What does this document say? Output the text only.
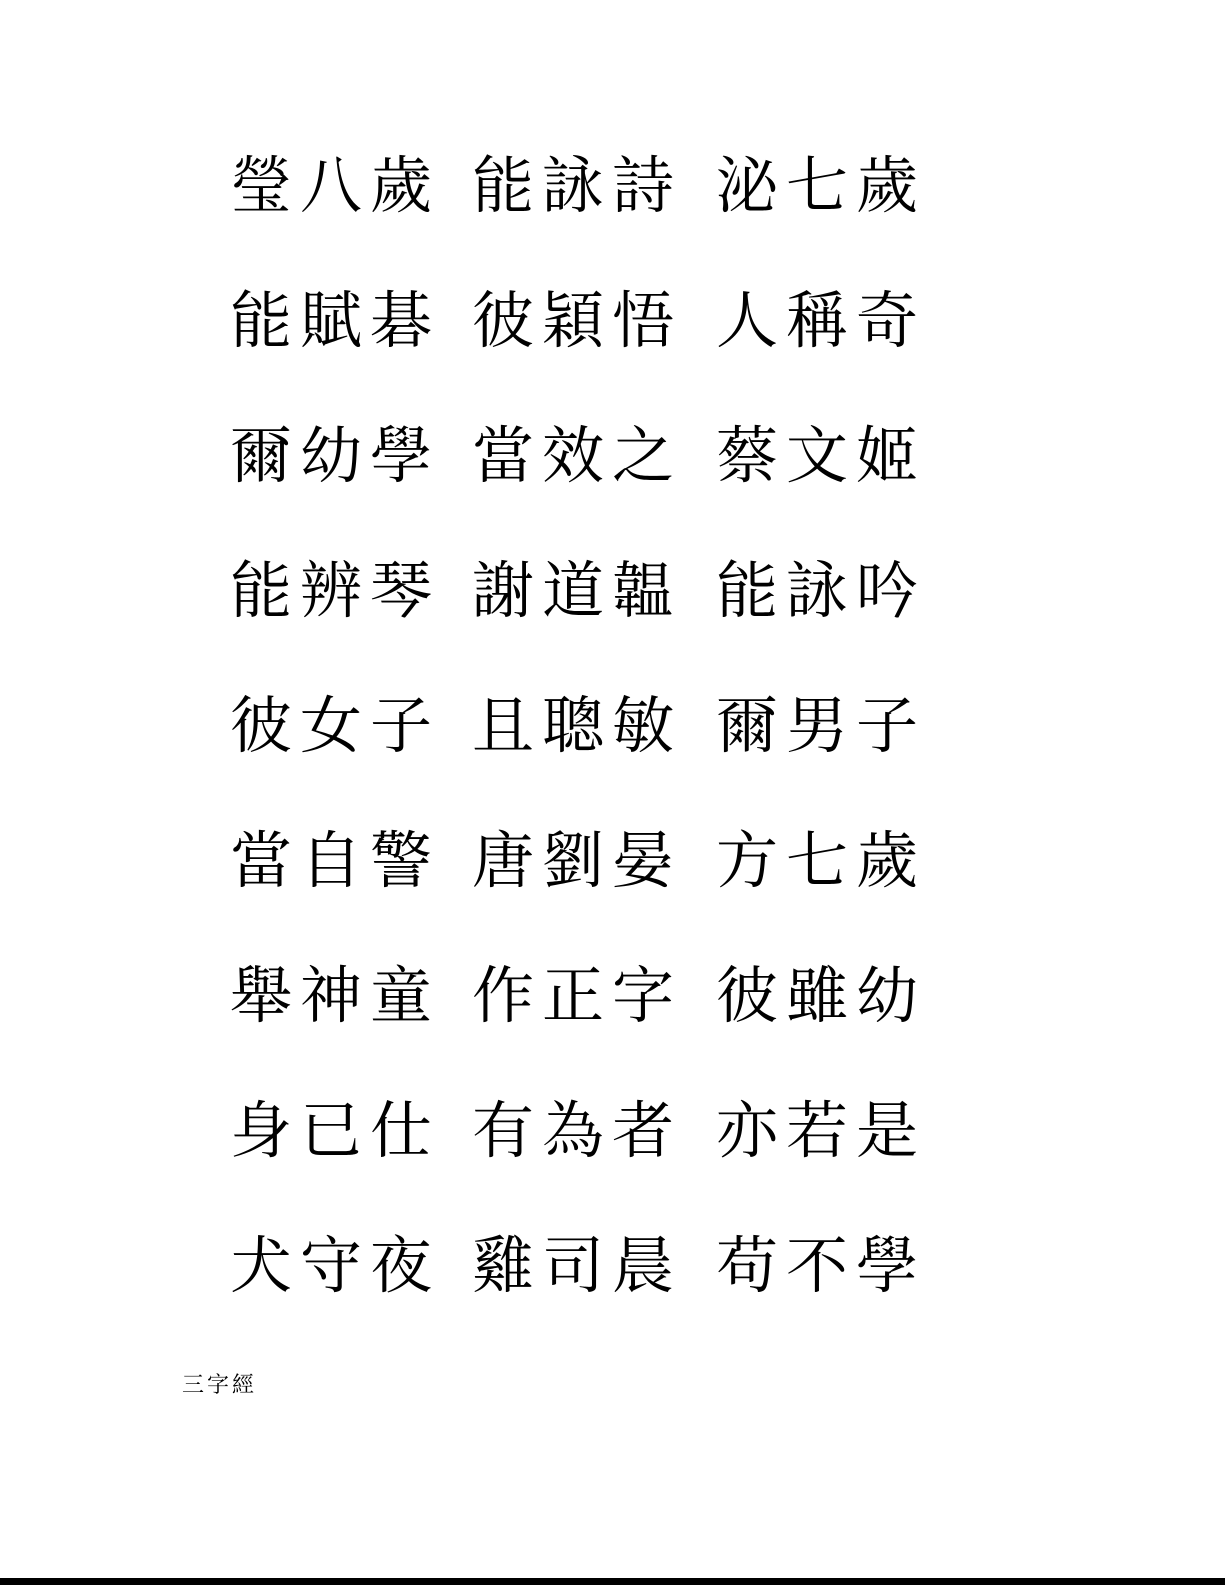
瑩八歲 能詠詩 泌七歲
能賦碁 彼穎悟 人稱奇
爾幼學 當效之 蔡文姬
能辨琴 謝道韞 能詠吟
彼女子 且聰敏 爾男子
當自警 唐劉晏 方七歲
舉神童 作正字 彼雖幼
身已仕 有為者 亦若是
犬守夜 雞司晨 苟不學
三字經
